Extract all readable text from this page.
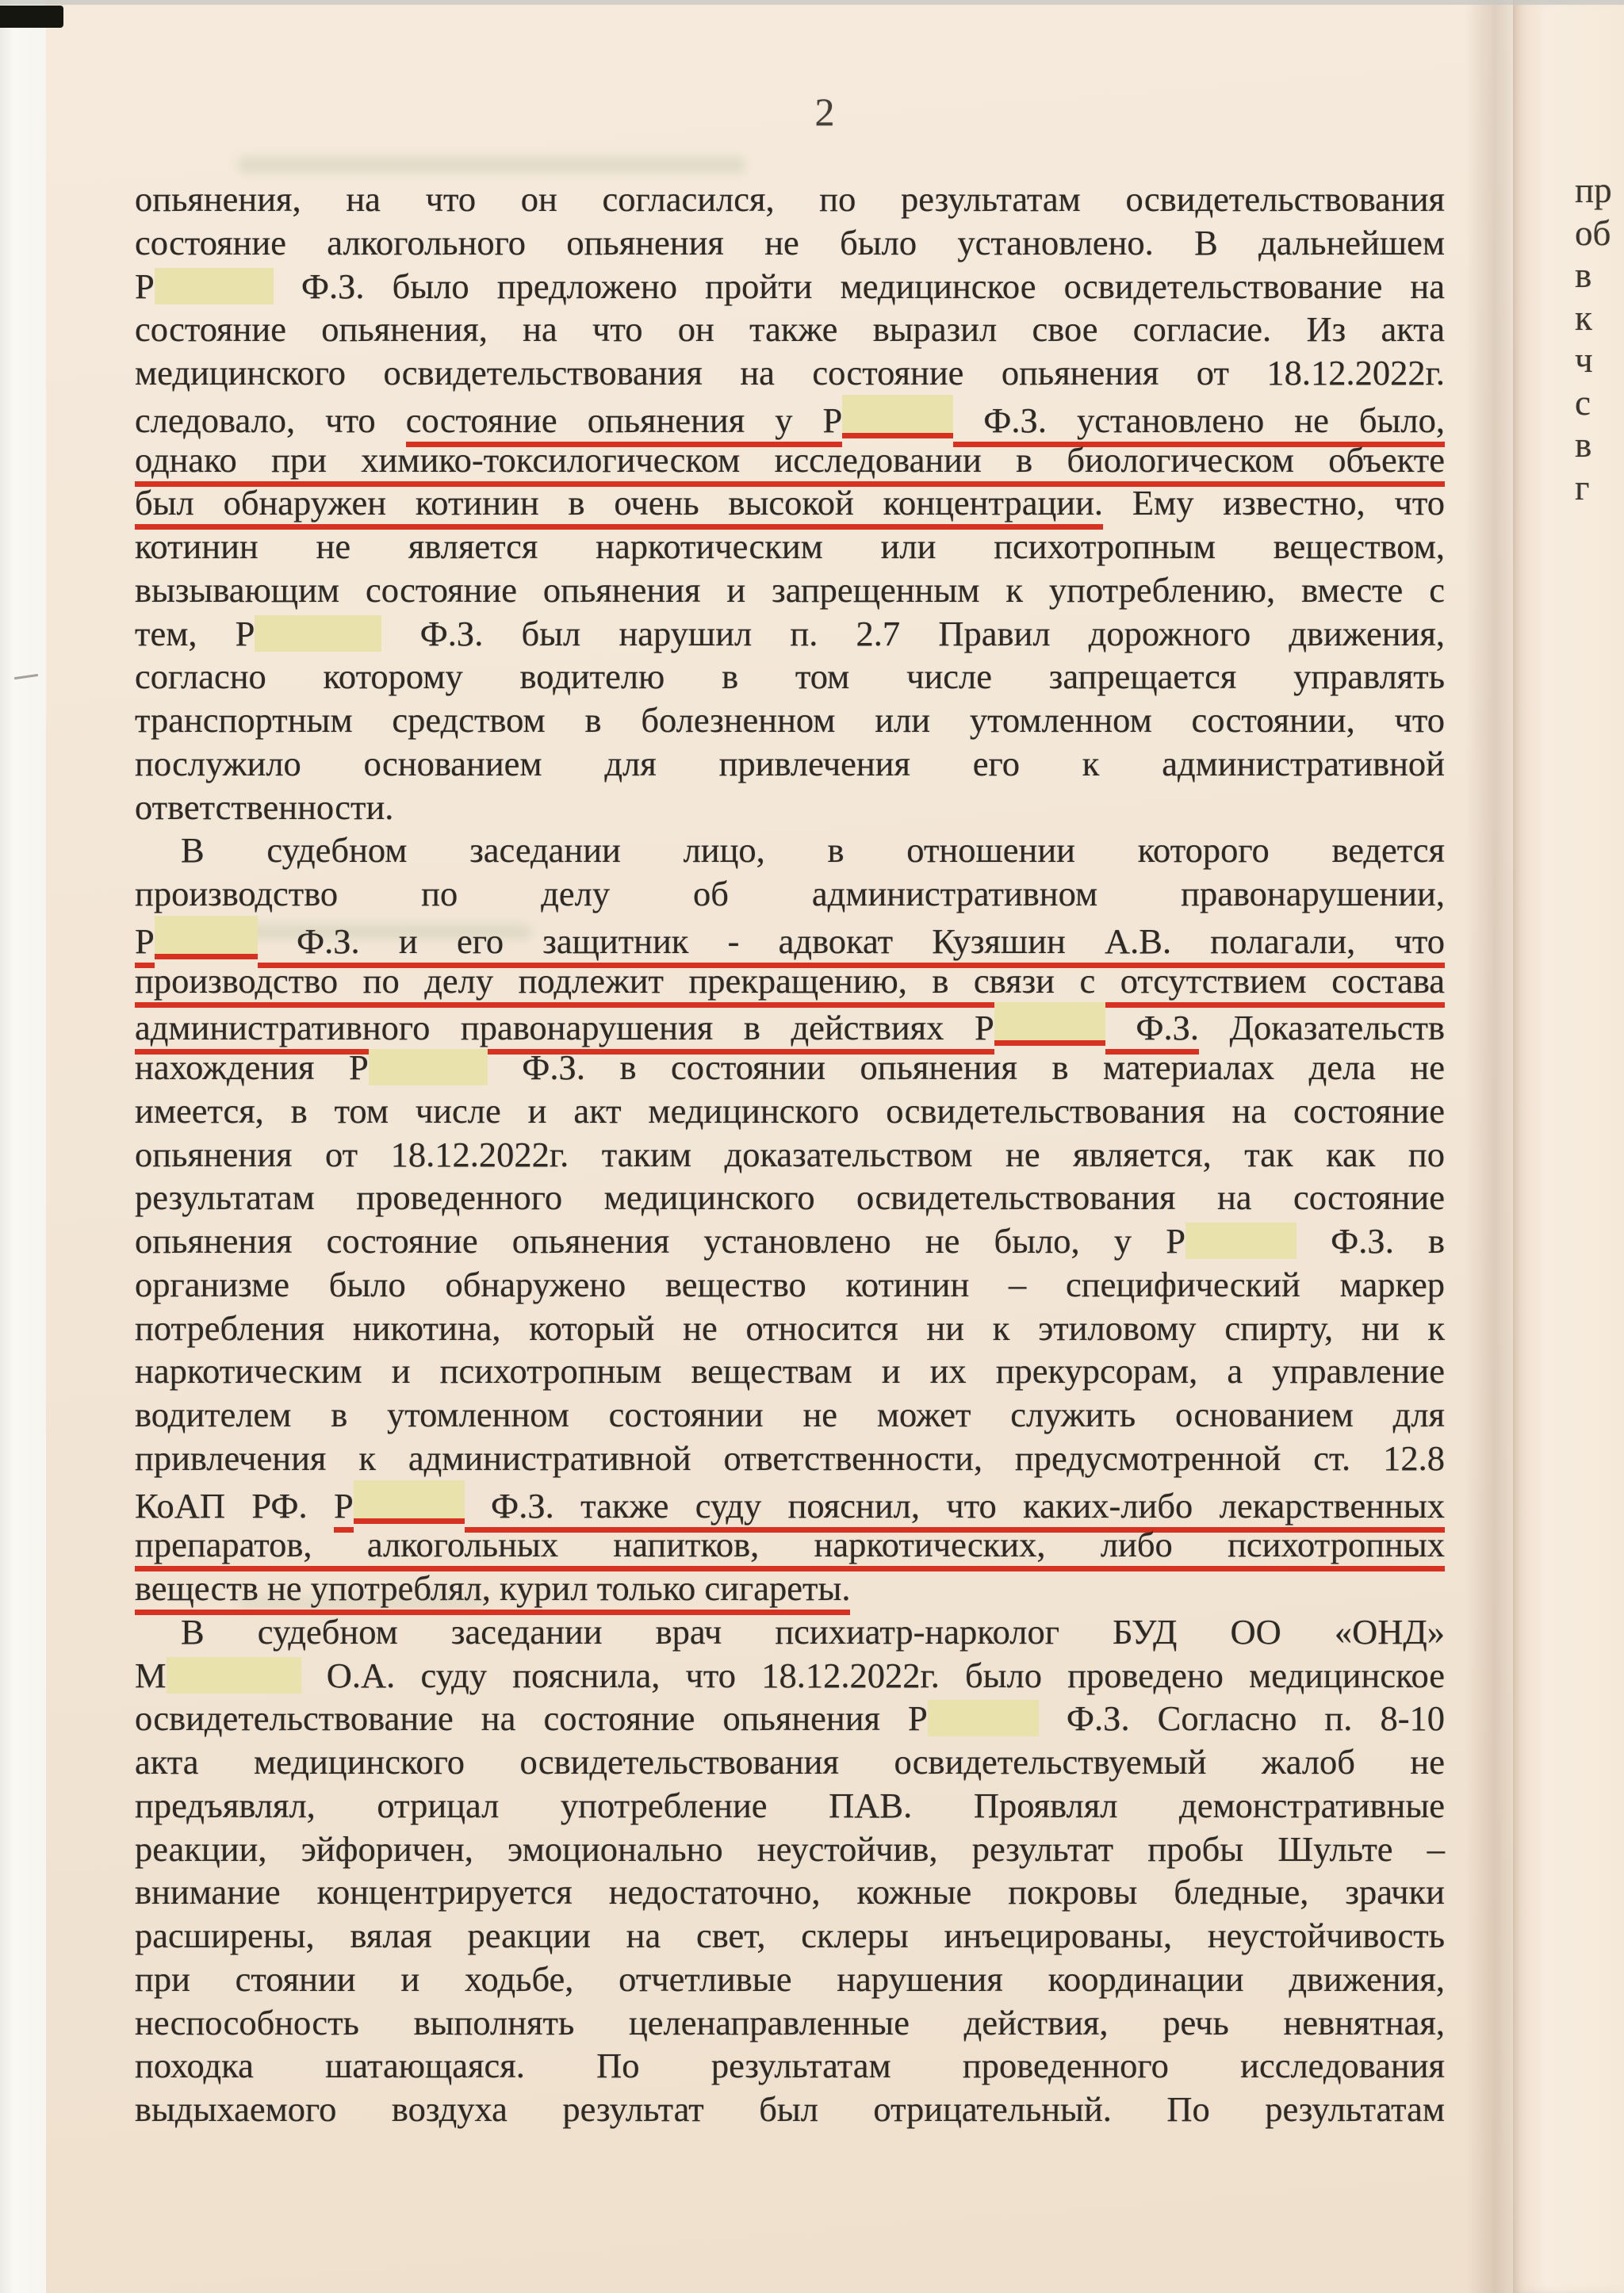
2
пр
об
в
к
ч
с
в
г
опьянения, на что он согласился, по результатам освидетельствования
состояние алкогольного опьянения не было установлено. В дальнейшем
Р	Ф.З. было предложено пройти медицинское освидетельствование на
состояние опьянения, на что он также выразил свое согласие. Из акта
медицинского освидетельствования на состояние опьянения от 18.12.2022г.
следовало, что состояние опьянения у Р	Ф.З. установлено не было,
однако при химико-токсилогическом исследовании в биологическом объекте
был обнаружен котинин в очень высокой концентрации. Ему известно, что
котинин не является наркотическим или психотропным веществом,
вызывающим состояние опьянения и запрещенным к употреблению, вместе с
тем, Р	Ф.З. был нарушил п. 2.7 Правил дорожного движения,
согласно которому водителю в том числе запрещается управлять
транспортным средством в болезненном или утомленном состоянии, что
послужило основанием для привлечения его к административной
ответственности.
В судебном заседании лицо, в отношении которого ведется
производство по делу об административном правонарушении,
Р	Ф.З. и его защитник - адвокат Кузяшин А.В. полагали, что
производство по делу подлежит прекращению, в связи с отсутствием состава
административного правонарушения в действиях Р	Ф.З. Доказательств
нахождения Р	Ф.З. в состоянии опьянения в материалах дела не
имеется, в том числе и акт медицинского освидетельствования на состояние
опьянения от 18.12.2022г. таким доказательством не является, так как по
результатам проведенного медицинского освидетельствования на состояние
опьянения состояние опьянения установлено не было, у Р	Ф.З. в
организме было обнаружено вещество котинин – специфический маркер
потребления никотина, который не относится ни к этиловому спирту, ни к
наркотическим и психотропным веществам и их прекурсорам, а управление
водителем в утомленном состоянии не может служить основанием для
привлечения к административной ответственности, предусмотренной ст. 12.8
КоАП РФ. Р	Ф.З. также суду пояснил, что каких-либо лекарственных
препаратов, алкогольных напитков, наркотических, либо психотропных
веществ не употреблял, курил только сигареты.
В судебном заседании врач психиатр-нарколог БУД ОО «ОНД»
М	О.А. суду пояснила, что 18.12.2022г. было проведено медицинское
освидетельствование на состояние опьянения Р	Ф.З. Согласно п. 8-10
акта медицинского освидетельствования освидетельствуемый жалоб не
предъявлял, отрицал употребление ПАВ. Проявлял демонстративные
реакции, эйфоричен, эмоционально неустойчив, результат пробы Шульте –
внимание концентрируется недостаточно, кожные покровы бледные, зрачки
расширены, вялая реакции на свет, склеры инъецированы, неустойчивость
при стоянии и ходьбе, отчетливые нарушения координации движения,
неспособность выполнять целенаправленные действия, речь невнятная,
походка шатающаяся. По результатам проведенного исследования
выдыхаемого воздуха результат был отрицательный. По результатам
